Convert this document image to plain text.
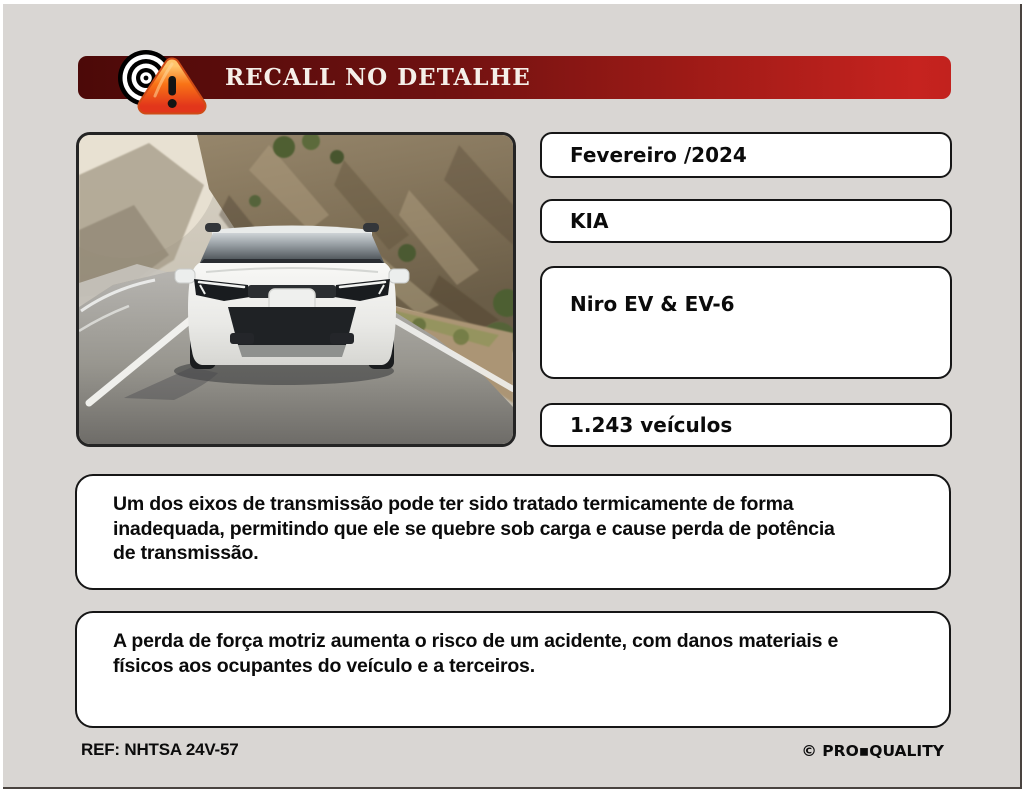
RECALL NO DETALHE
Fevereiro /2024
KIA
Niro EV & EV-6
1.243 veículos
Um dos eixos de transmissão pode ter sido tratado termicamente de forma
inadequada, permitindo que ele se quebre sob carga e cause perda de potência
de transmissão.
A perda de força motriz aumenta o risco de um acidente, com danos materiais e
físicos aos ocupantes do veículo e a terceiros.
REF: NHTSA 24V-57	© PRO▪QUALITY
